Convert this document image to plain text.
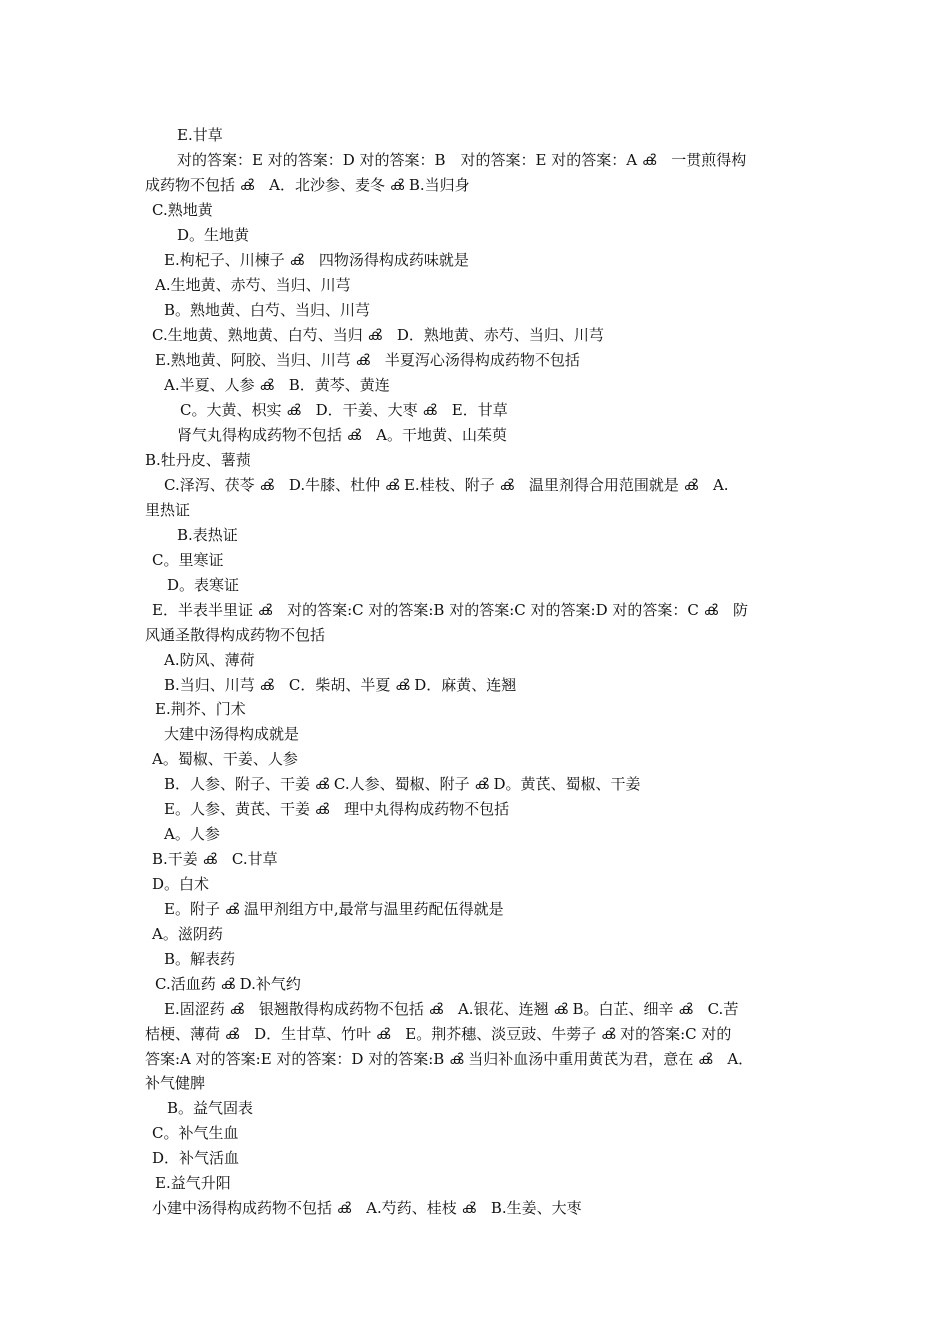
E.甘草
对的答案：E 对的答案：D 对的答案：B　对的答案：E 对的答案：A ൿ　一贯煎得构
成药物不包括 ൿ　A．北沙参、麦冬 ൿ B.当归身
C.熟地黄
D。生地黄
E.枸杞子、川楝子 ൿ　四物汤得构成药味就是
A.生地黄、赤芍、当归、川芎
B。熟地黄、白芍、当归、川芎
C.生地黄、熟地黄、白芍、当归 ൿ　D．熟地黄、赤芍、当归、川芎
E.熟地黄、阿胶、当归、川芎 ൿ　半夏泻心汤得构成药物不包括
A.半夏、人参 ൿ　B．黄芩、黄连
C。大黄、枳实 ൿ　D．干姜、大枣 ൿ　E．甘草
肾气丸得构成药物不包括 ൿ　A。干地黄、山茱萸
B.牡丹皮、薯蓣
C.泽泻、茯苓 ൿ　D.牛膝、杜仲 ൿ E.桂枝、附子 ൿ　温里剂得合用范围就是 ൿ　A.
里热证
B.表热证
C。里寒证
D。表寒证
E．半表半里证 ൿ　对的答案:C 对的答案:B 对的答案:C 对的答案:D 对的答案：C ൿ　防
风通圣散得构成药物不包括
A.防风、薄荷
B.当归、川芎 ൿ　C．柴胡、半夏 ൿ D．麻黄、连翘
E.荆芥、门术
大建中汤得构成就是
A。蜀椒、干姜、人参
B．人参、附子、干姜 ൿ C.人参、蜀椒、附子 ൿ D。黄芪、蜀椒、干姜
E。人参、黄芪、干姜 ൿ　理中丸得构成药物不包括
A。人参
B.干姜 ൿ　C.甘草
D。白术
E。附子 ൿ 温甲剂组方中,最常与温里药配伍得就是
A。滋阴药
B。解表药
C.活血药 ൿ D.补气约
E.固涩药 ൿ　银翘散得构成药物不包括 ൿ　A.银花、连翘 ൿ B。白芷、细辛 ൿ　C.苦
桔梗、薄荷 ൿ　D．生甘草、竹叶 ൿ　E。荆芥穗、淡豆豉、牛蒡子 ൿ 对的答案:C 对的
答案:A 对的答案:E 对的答案：D 对的答案:B ൿ 当归补血汤中重用黄芪为君，意在 ൿ　A．
补气健脾
B。益气固表
C。补气生血
D．补气活血
E.益气升阳
小建中汤得构成药物不包括 ൿ　A.芍药、桂枝 ൿ　B.生姜、大枣
